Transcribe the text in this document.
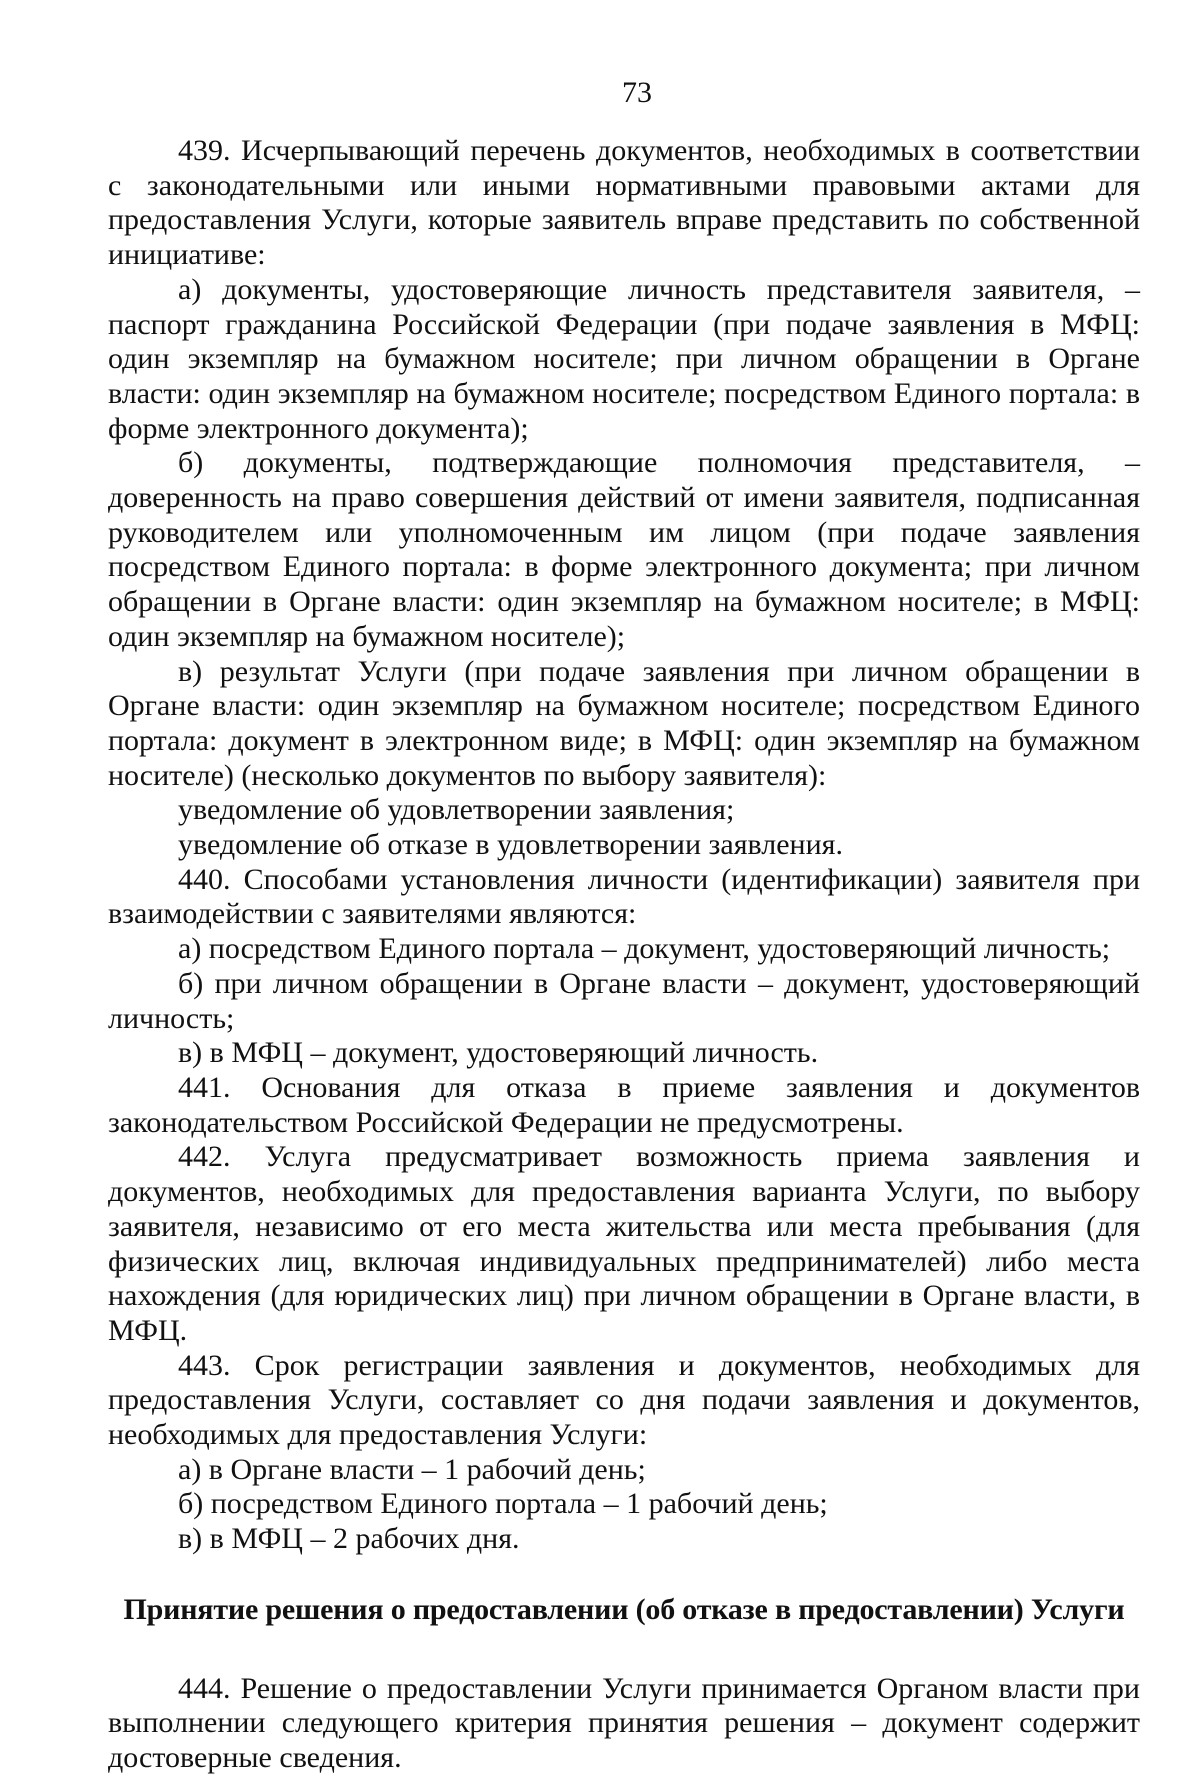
73

439. Исчерпывающий перечень документов, необходимых в соответствии с законодательными или иными нормативными правовыми актами для предоставления Услуги, которые заявитель вправе представить по собственной инициативе:

а) документы, удостоверяющие личность представителя заявителя, – паспорт гражданина Российской Федерации (при подаче заявления в МФЦ: один экземпляр на бумажном носителе; при личном обращении в Органе власти: один экземпляр на бумажном носителе; посредством Единого портала: в форме электронного документа);

б) документы, подтверждающие полномочия представителя, – доверенность на право совершения действий от имени заявителя, подписанная руководителем или уполномоченным им лицом (при подаче заявления посредством Единого портала: в форме электронного документа; при личном обращении в Органе власти: один экземпляр на бумажном носителе; в МФЦ: один экземпляр на бумажном носителе);

в) результат Услуги (при подаче заявления при личном обращении в Органе власти: один экземпляр на бумажном носителе; посредством Единого портала: документ в электронном виде; в МФЦ: один экземпляр на бумажном носителе) (несколько документов по выбору заявителя):

уведомление об удовлетворении заявления;

уведомление об отказе в удовлетворении заявления.

440. Способами установления личности (идентификации) заявителя при взаимодействии с заявителями являются:

а) посредством Единого портала – документ, удостоверяющий личность;

б) при личном обращении в Органе власти – документ, удостоверяющий личность;

в) в МФЦ – документ, удостоверяющий личность.

441. Основания для отказа в приеме заявления и документов законодательством Российской Федерации не предусмотрены.

442. Услуга предусматривает возможность приема заявления и документов, необходимых для предоставления варианта Услуги, по выбору заявителя, независимо от его места жительства или места пребывания (для физических лиц, включая индивидуальных предпринимателей) либо места нахождения (для юридических лиц) при личном обращении в Органе власти, в МФЦ.

443. Срок регистрации заявления и документов, необходимых для предоставления Услуги, составляет со дня подачи заявления и документов, необходимых для предоставления Услуги:

а) в Органе власти – 1 рабочий день;

б) посредством Единого портала – 1 рабочий день;

в) в МФЦ – 2 рабочих дня.

Принятие решения о предоставлении (об отказе в предоставлении) Услуги

444. Решение о предоставлении Услуги принимается Органом власти при выполнении следующего критерия принятия решения – документ содержит достоверные сведения.
